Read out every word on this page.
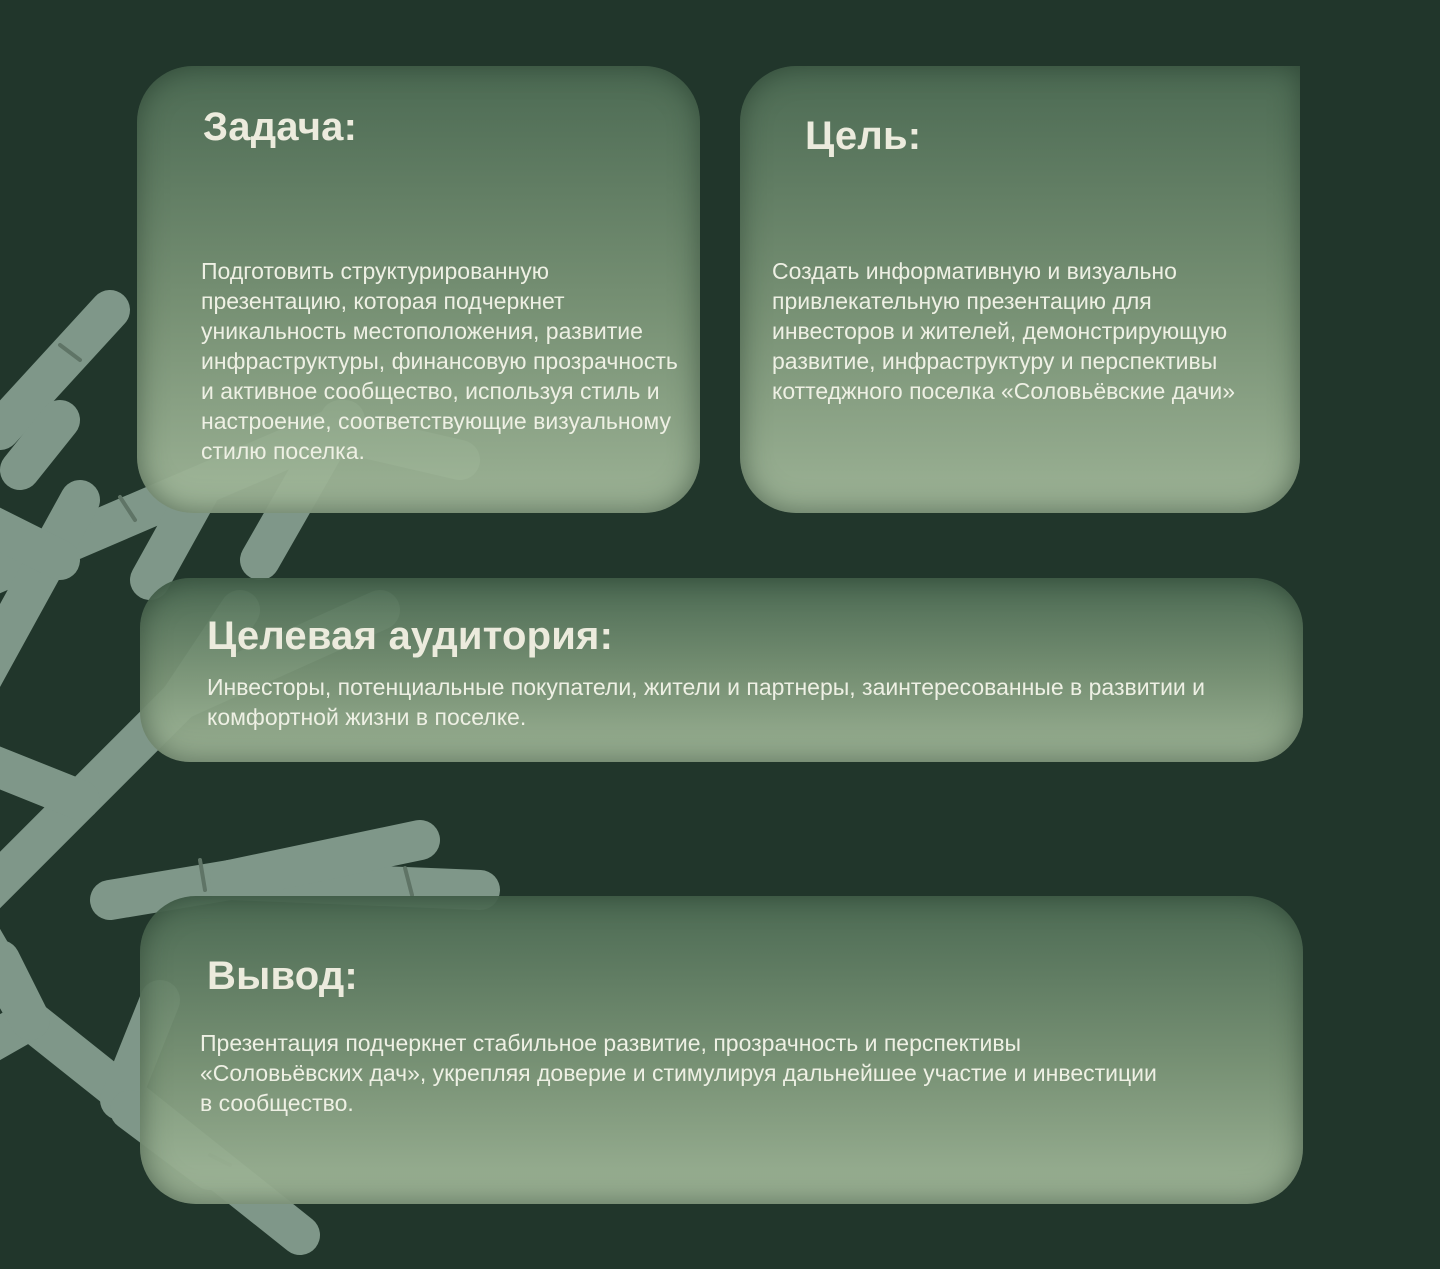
Задача:

Подготовить структурированную презентацию, которая подчеркнет уникальность местоположения, развитие инфраструктуры, финансовую прозрачность и активное сообщество, используя стиль и настроение, соответствующие визуальному стилю поселка.

Цель:

Создать информативную и визуально привлекательную презентацию для инвесторов и жителей, демонстрирующую развитие, инфраструктуру и перспективы коттеджного поселка «Соловьёвские дачи»

Целевая аудитория:

Инвесторы, потенциальные покупатели, жители и партнеры, заинтересованные в развитии и комфортной жизни в поселке.

Вывод:

Презентация подчеркнет стабильное развитие, прозрачность и перспективы «Соловьёвских дач», укрепляя доверие и стимулируя дальнейшее участие и инвестиции в сообщество.
